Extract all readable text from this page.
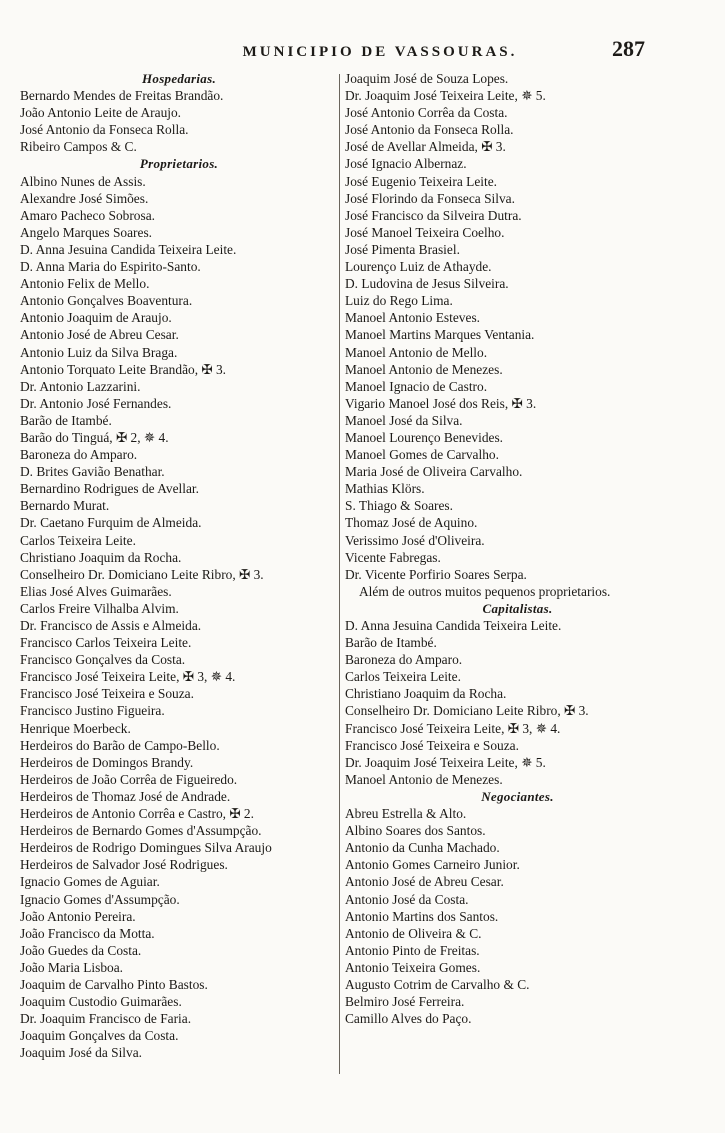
MUNICIPIO DE VASSOURAS.	287
Hospedarias.
Bernardo Mendes de Freitas Brandão.
João Antonio Leite de Araujo.
José Antonio da Fonseca Rolla.
Ribeiro Campos & C.
Proprietarios.
Albino Nunes de Assis.
Alexandre José Simões.
Amaro Pacheco Sobrosa.
Angelo Marques Soares.
D. Anna Jesuina Candida Teixeira Leite.
D. Anna Maria do Espirito-Santo.
Antonio Felix de Mello.
Antonio Gonçalves Boaventura.
Antonio Joaquim de Araujo.
Antonio José de Abreu Cesar.
Antonio Luiz da Silva Braga.
Antonio Torquato Leite Brandão, ✠ 3.
Dr. Antonio Lazzarini.
Dr. Antonio José Fernandes.
Barão de Itambé.
Barão do Tinguá, ✠ 2, ✵ 4.
Baroneza do Amparo.
D. Brites Gavião Benathar.
Bernardino Rodrigues de Avellar.
Bernardo Murat.
Dr. Caetano Furquim de Almeida.
Carlos Teixeira Leite.
Christiano Joaquim da Rocha.
Conselheiro Dr. Domiciano Leite Ribro, ✠ 3.
Elias José Alves Guimarães.
Carlos Freire Vilhalba Alvim.
Dr. Francisco de Assis e Almeida.
Francisco Carlos Teixeira Leite.
Francisco Gonçalves da Costa.
Francisco José Teixeira Leite, ✠ 3, ✵ 4.
Francisco José Teixeira e Souza.
Francisco Justino Figueira.
Henrique Moerbeck.
Herdeiros do Barão de Campo-Bello.
Herdeiros de Domingos Brandy.
Herdeiros de João Corrêa de Figueiredo.
Herdeiros de Thomaz José de Andrade.
Herdeiros de Antonio Corrêa e Castro, ✠ 2.
Herdeiros de Bernardo Gomes d'Assumpção.
Herdeiros de Rodrigo Domingues Silva Araujo
Herdeiros de Salvador José Rodrigues.
Ignacio Gomes de Aguiar.
Ignacio Gomes d'Assumpção.
João Antonio Pereira.
João Francisco da Motta.
João Guedes da Costa.
João Maria Lisboa.
Joaquim de Carvalho Pinto Bastos.
Joaquim Custodio Guimarães.
Dr. Joaquim Francisco de Faria.
Joaquim Gonçalves da Costa.
Joaquim José da Silva.
Joaquim José de Souza Lopes.
Dr. Joaquim José Teixeira Leite, ✵ 5.
José Antonio Corrêa da Costa.
José Antonio da Fonseca Rolla.
José de Avellar Almeida, ✠ 3.
José Ignacio Albernaz.
José Eugenio Teixeira Leite.
José Florindo da Fonseca Silva.
José Francisco da Silveira Dutra.
José Manoel Teixeira Coelho.
José Pimenta Brasiel.
Lourenço Luiz de Athayde.
D. Ludovina de Jesus Silveira.
Luiz do Rego Lima.
Manoel Antonio Esteves.
Manoel Martins Marques Ventania.
Manoel Antonio de Mello.
Manoel Antonio de Menezes.
Manoel Ignacio de Castro.
Vigario Manoel José dos Reis, ✠ 3.
Manoel José da Silva.
Manoel Lourenço Benevides.
Manoel Gomes de Carvalho.
Maria José de Oliveira Carvalho.
Mathias Klörs.
S. Thiago & Soares.
Thomaz José de Aquino.
Verissimo José d'Oliveira.
Vicente Fabregas.
Dr. Vicente Porfirio Soares Serpa.
Além de outros muitos pequenos proprietarios.
Capitalistas.
D. Anna Jesuina Candida Teixeira Leite.
Barão de Itambé.
Baroneza do Amparo.
Carlos Teixeira Leite.
Christiano Joaquim da Rocha.
Conselheiro Dr. Domiciano Leite Ribro, ✠ 3.
Francisco José Teixeira Leite, ✠ 3, ✵ 4.
Francisco José Teixeira e Souza.
Dr. Joaquim José Teixeira Leite, ✵ 5.
Manoel Antonio de Menezes.
Negociantes.
Abreu Estrella & Alto.
Albino Soares dos Santos.
Antonio da Cunha Machado.
Antonio Gomes Carneiro Junior.
Antonio José de Abreu Cesar.
Antonio José da Costa.
Antonio Martins dos Santos.
Antonio de Oliveira & C.
Antonio Pinto de Freitas.
Antonio Teixeira Gomes.
Augusto Cotrim de Carvalho & C.
Belmiro José Ferreira.
Camillo Alves do Paço.
